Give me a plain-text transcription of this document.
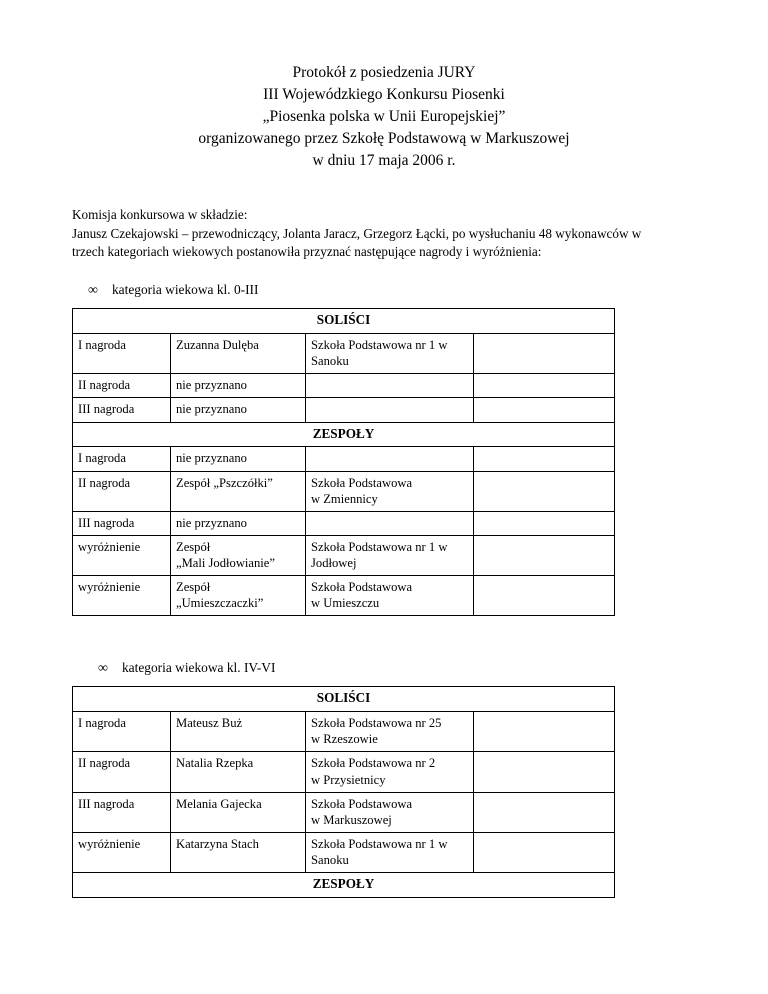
Protokół z posiedzenia JURY
III Wojewódzkiego Konkursu Piosenki
„Piosenka polska w Unii Europejskiej”
organizowanego przez Szkołę Podstawową w Markuszowej
w dniu 17 maja 2006 r.

Komisja konkursowa w składzie:

Janusz Czekajowski – przewodniczący, Jolanta Jaracz, Grzegorz Łącki, po wysłuchaniu 48 wykonawców w

trzech kategoriach wiekowych postanowiła przyznać następujące nagrody i wyróżnienia:

∞ kategoria wiekowa kl. 0-III
SOLIŚCI			
I nagroda	Zuzanna Dulęba	Szkoła Podstawowa nr 1 w
Sanoku	

II nagroda	nie przyznano		
III nagroda	nie przyznano		
ZESPOŁY			
I nagroda	nie przyznano		
II nagroda	Zespół „Pszczółki”	Szkoła Podstawowa
w Zmiennicy	

III nagroda	nie przyznano		
wyróżnienie	Zespół
„Mali Jodłowianie”	Szkoła Podstawowa nr 1 w
Jodłowej	

wyróżnienie	Zespół
„Umieszczaczki”	Szkoła Podstawowa
w Umieszczu	

∞ kategoria wiekowa kl. IV-VI
SOLIŚCI			
I nagroda	Mateusz Buż	Szkoła Podstawowa nr 25
w Rzeszowie	

II nagroda	Natalia Rzepka	Szkoła Podstawowa nr 2
w Przysietnicy	

III nagroda	Melania Gajecka	Szkoła Podstawowa
w Markuszowej	

wyróżnienie	Katarzyna Stach	Szkoła Podstawowa nr 1 w
Sanoku	

ZESPOŁY			
